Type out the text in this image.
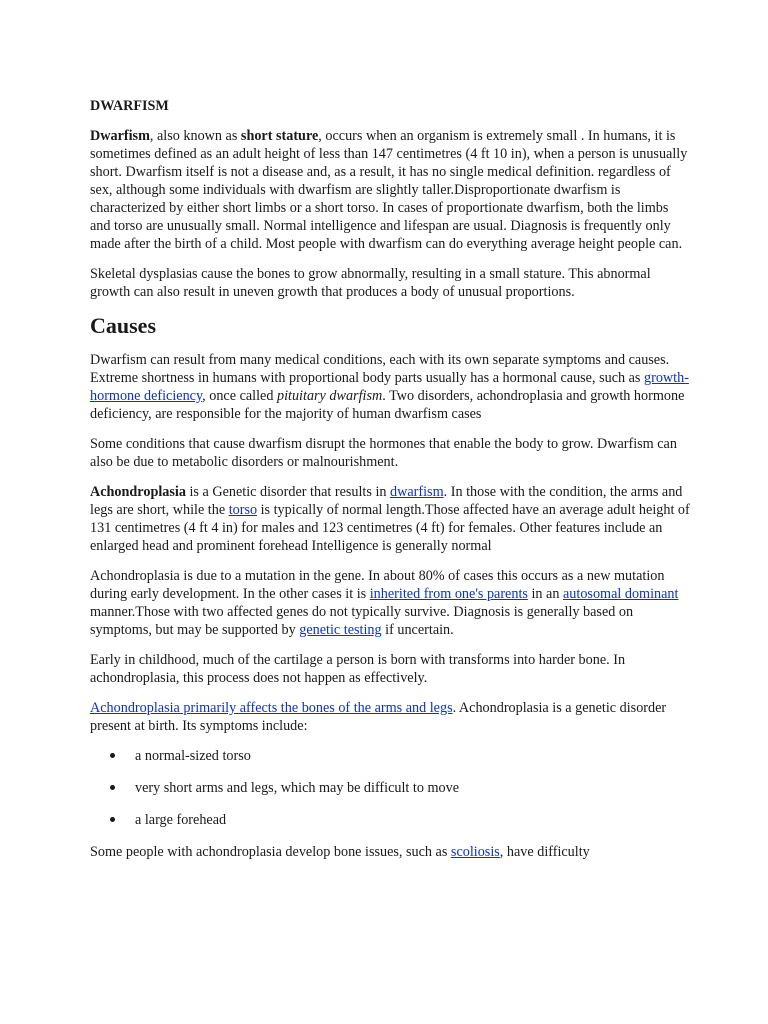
DWARFISM

Dwarfism, also known as short stature, occurs when an organism is extremely small . In humans, it is sometimes defined as an adult height of less than 147 centimetres (4 ft 10 in), when a person is unusually short. Dwarfism itself is not a disease and, as a result, it has no single medical definition. regardless of sex, although some individuals with dwarfism are slightly taller.Disproportionate dwarfism is characterized by either short limbs or a short torso. In cases of proportionate dwarfism, both the limbs and torso are unusually small. Normal intelligence and lifespan are usual. Diagnosis is frequently only made after the birth of a child. Most people with dwarfism can do everything average height people can.

Skeletal dysplasias cause the bones to grow abnormally, resulting in a small stature. This abnormal growth can also result in uneven growth that produces a body of unusual proportions.

Causes

Dwarfism can result from many medical conditions, each with its own separate symptoms and causes. Extreme shortness in humans with proportional body parts usually has a hormonal cause, such as growth-hormone deficiency, once called pituitary dwarfism. Two disorders, achondroplasia and growth hormone deficiency, are responsible for the majority of human dwarfism cases

Some conditions that cause dwarfism disrupt the hormones that enable the body to grow. Dwarfism can also be due to metabolic disorders or malnourishment.

Achondroplasia is a Genetic disorder that results in dwarfism. In those with the condition, the arms and legs are short, while the torso is typically of normal length.Those affected have an average adult height of 131 centimetres (4 ft 4 in) for males and 123 centimetres (4 ft) for females. Other features include an enlarged head and prominent forehead Intelligence is generally normal

Achondroplasia is due to a mutation in the gene. In about 80% of cases this occurs as a new mutation during early development. In the other cases it is inherited from one's parents in an autosomal dominant manner.Those with two affected genes do not typically survive. Diagnosis is generally based on symptoms, but may be supported by genetic testing if uncertain.

Early in childhood, much of the cartilage a person is born with transforms into harder bone. In achondroplasia, this process does not happen as effectively.

Achondroplasia primarily affects the bones of the arms and legs. Achondroplasia is a genetic disorder present at birth. Its symptoms include:

a normal-sized torso
very short arms and legs, which may be difficult to move
a large forehead

Some people with achondroplasia develop bone issues, such as scoliosis, have difficulty
